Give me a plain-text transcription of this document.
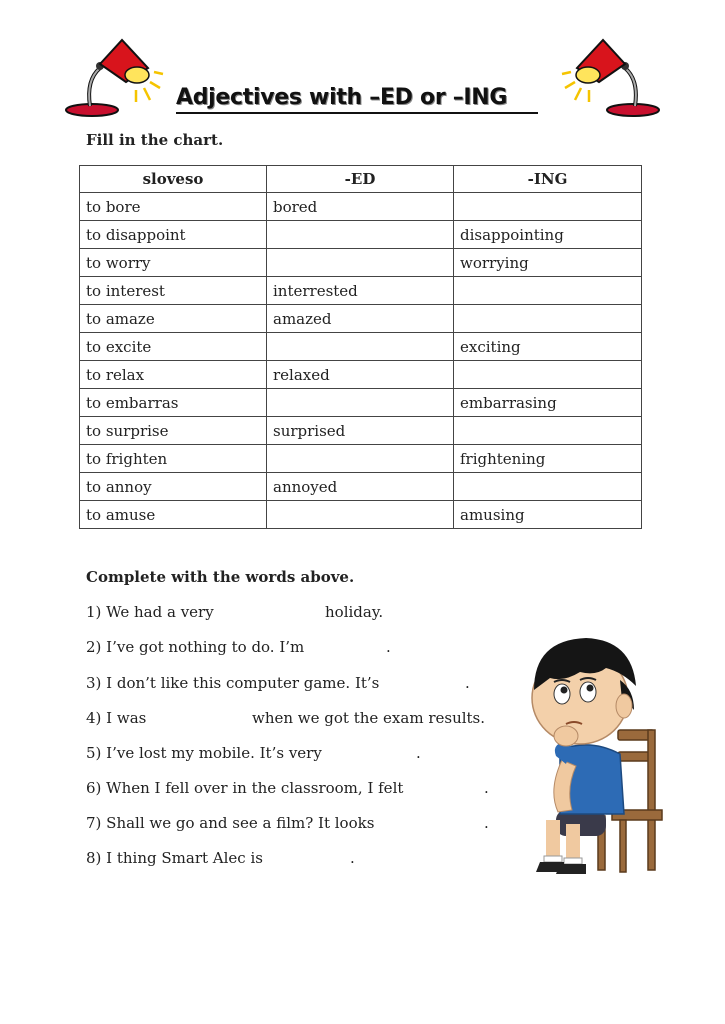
Adjectives with –ED or –ING
Fill in the chart.
sloveso	-ED	-ING
to bore	bored	
to disappoint		disappointing
to worry		worrying
to interest	interrested	
to amaze	amazed	
to excite		exciting
to relax	relaxed	
to embarras		embarrasing
to surprise	surprised	
to frighten		frightening
to annoy	annoyed	
to amuse		amusing
Complete with the words above.
1) We had a very	holiday.
2) I’ve got nothing to do. I’m	.
3) I don’t like this computer game. It’s	.
4) I was	when we got the exam results.
5) I’ve lost my mobile. It’s very	.
6) When I fell over in the classroom, I felt	.
7) Shall we go and see a film? It looks	.
8) I thing Smart Alec is	.
